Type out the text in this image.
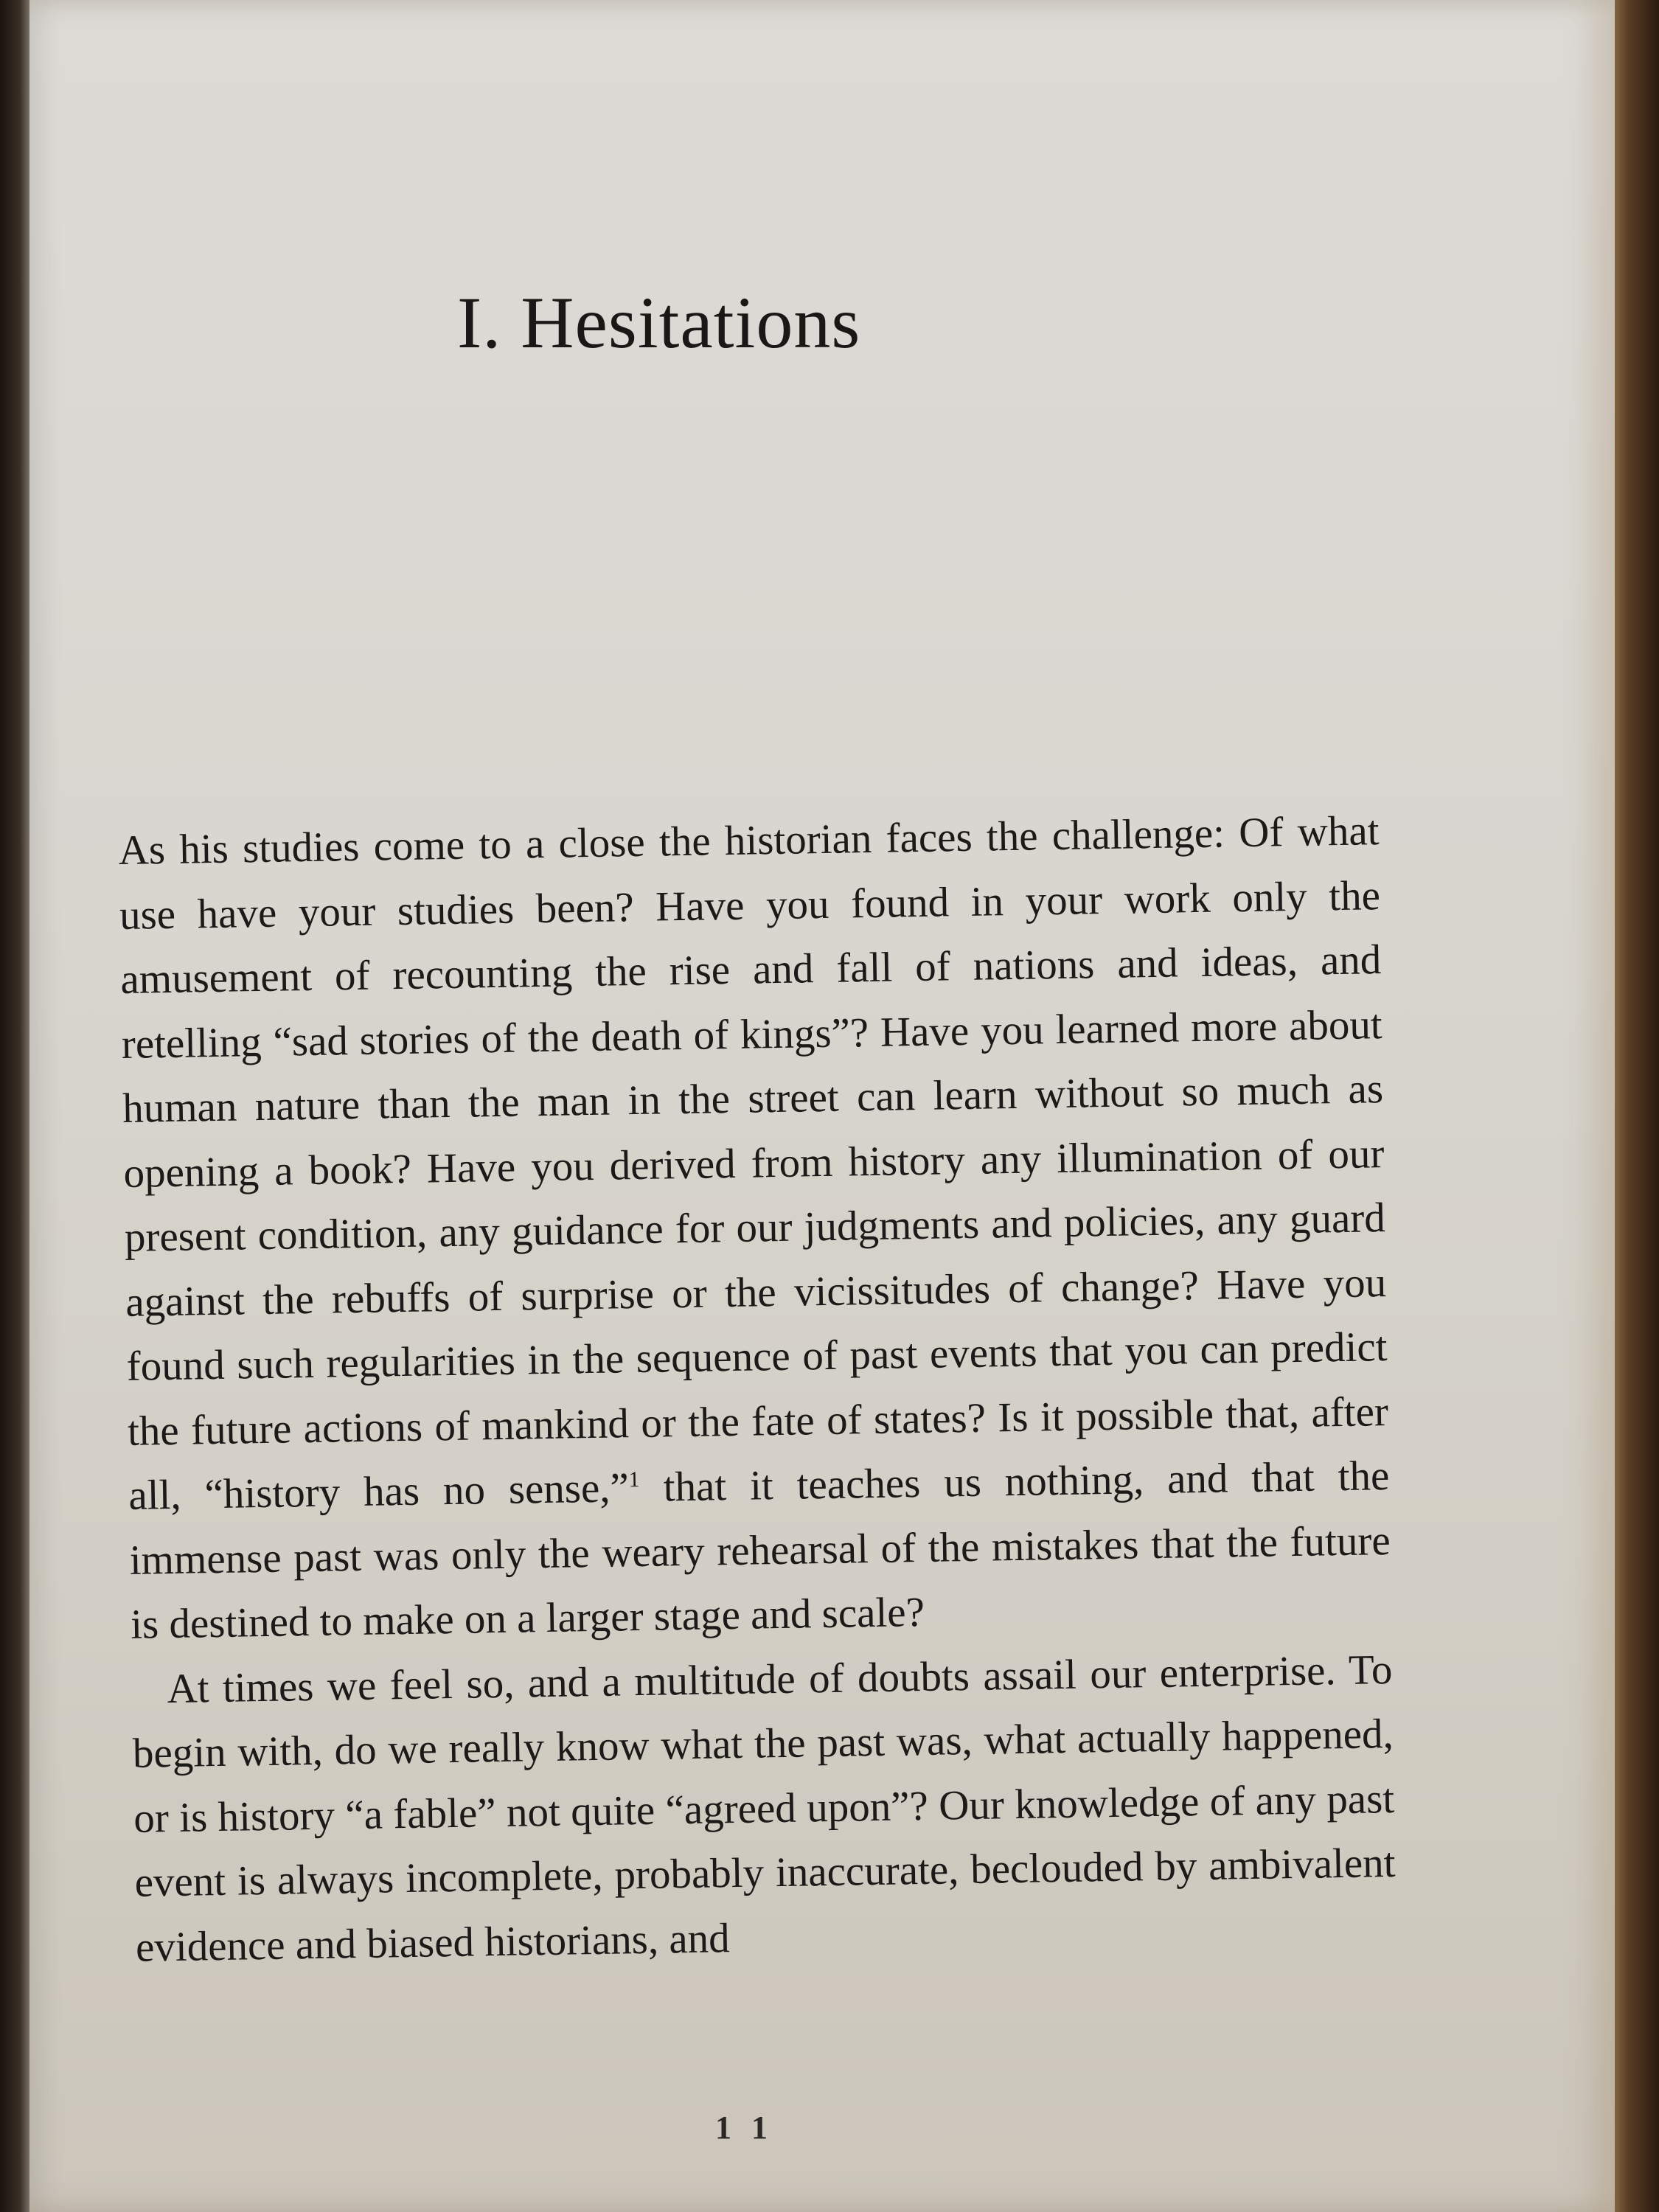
I. Hesitations

As his studies come to a close the historian faces the challenge: Of what use have your studies been? Have you found in your work only the amusement of recounting the rise and fall of nations and ideas, and retelling “sad stories of the death of kings”? Have you learned more about human nature than the man in the street can learn without so much as opening a book? Have you derived from history any illumination of our present condition, any guidance for our judgments and policies, any guard against the rebuffs of surprise or the vicissitudes of change? Have you found such regularities in the sequence of past events that you can predict the future actions of mankind or the fate of states? Is it possible that, after all, “history has no sense,”$^1$ that it teaches us nothing, and that the immense past was only the weary rehearsal of the mistakes that the future is destined to make on a larger stage and scale?

At times we feel so, and a multitude of doubts assail our enterprise. To begin with, do we really know what the past was, what actually happened, or is history “a fable” not quite “agreed upon”? Our knowledge of any past event is always incomplete, probably inaccurate, beclouded by ambivalent evidence and biased historians, and

1 1
